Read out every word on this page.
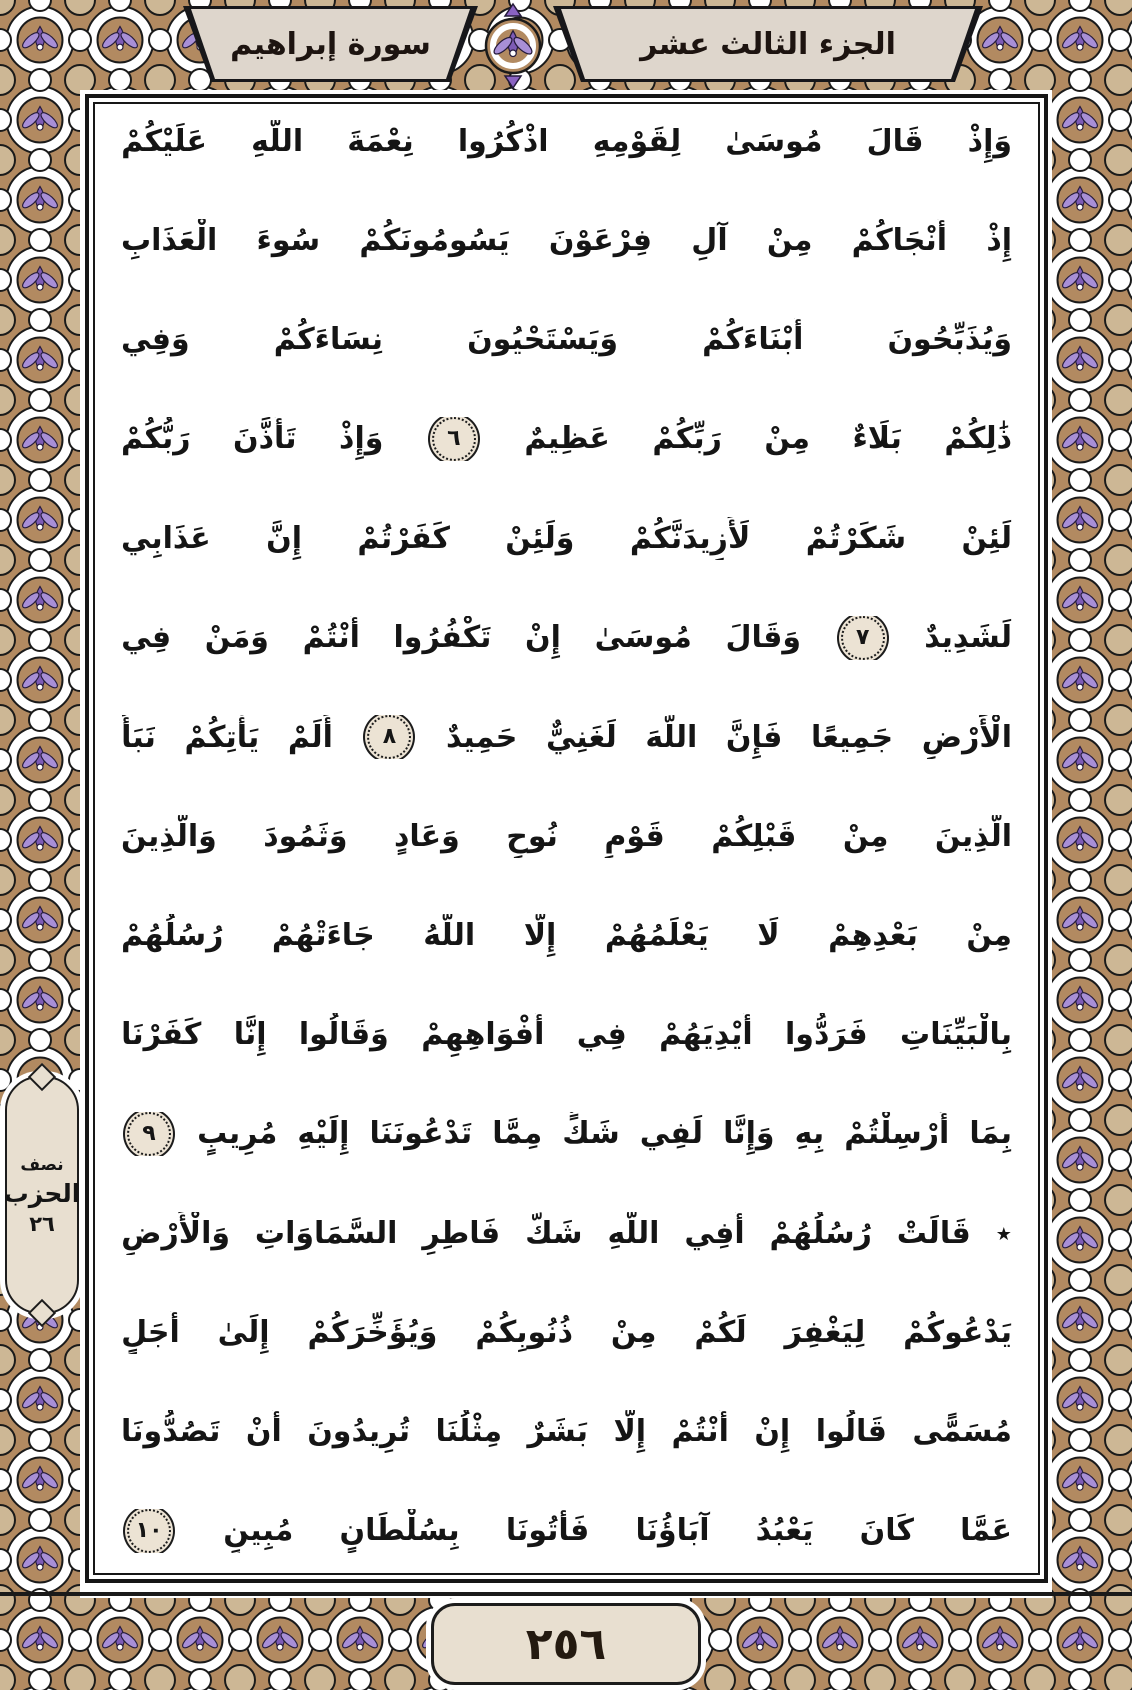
الجزء الثالث عشر
سورة إبراهيم
وَإِذْ
قَالَ
مُوسَىٰ
لِقَوْمِهِ
اذْكُرُوا
نِعْمَةَ
اللَّهِ
عَلَيْكُمْ
إِذْ
أَنْجَاكُمْ
مِنْ
آلِ
فِرْعَوْنَ
يَسُومُونَكُمْ
سُوءَ
الْعَذَابِ
وَيُذَبِّحُونَ
أَبْنَاءَكُمْ
وَيَسْتَحْيُونَ
نِسَاءَكُمْ
وَفِي
ذَٰلِكُمْ
بَلَاءٌ
مِنْ
رَبِّكُمْ
عَظِيمٌ
٦
وَإِذْ
تَأَذَّنَ
رَبُّكُمْ
لَئِنْ
شَكَرْتُمْ
لَأَزِيدَنَّكُمْ
وَلَئِنْ
كَفَرْتُمْ
إِنَّ
عَذَابِي
لَشَدِيدٌ
٧
وَقَالَ
مُوسَىٰ
إِنْ
تَكْفُرُوا
أَنْتُمْ
وَمَنْ
فِي
الْأَرْضِ
جَمِيعًا
فَإِنَّ
اللَّهَ
لَغَنِيٌّ
حَمِيدٌ
٨
أَلَمْ
يَأْتِكُمْ
نَبَأُ
الَّذِينَ
مِنْ
قَبْلِكُمْ
قَوْمِ
نُوحٍ
وَعَادٍ
وَثَمُودَ
وَالَّذِينَ
مِنْ
بَعْدِهِمْ
لَا
يَعْلَمُهُمْ
إِلَّا
اللَّهُ
جَاءَتْهُمْ
رُسُلُهُمْ
بِالْبَيِّنَاتِ
فَرَدُّوا
أَيْدِيَهُمْ
فِي
أَفْوَاهِهِمْ
وَقَالُوا
إِنَّا
كَفَرْنَا
بِمَا
أُرْسِلْتُمْ
بِهِ
وَإِنَّا
لَفِي
شَكٍّ
مِمَّا
تَدْعُونَنَا
إِلَيْهِ
مُرِيبٍ
٩
٭
قَالَتْ
رُسُلُهُمْ
أَفِي
اللَّهِ
شَكٌّ
فَاطِرِ
السَّمَاوَاتِ
وَالْأَرْضِ
يَدْعُوكُمْ
لِيَغْفِرَ
لَكُمْ
مِنْ
ذُنُوبِكُمْ
وَيُؤَخِّرَكُمْ
إِلَىٰ
أَجَلٍ
مُسَمًّى
قَالُوا
إِنْ
أَنْتُمْ
إِلَّا
بَشَرٌ
مِثْلُنَا
تُرِيدُونَ
أَنْ
تَصُدُّونَا
عَمَّا
كَانَ
يَعْبُدُ
آبَاؤُنَا
فَأْتُونَا
بِسُلْطَانٍ
مُبِينٍ
١٠
نصف
الحزب
٢٦
٢٥٦
